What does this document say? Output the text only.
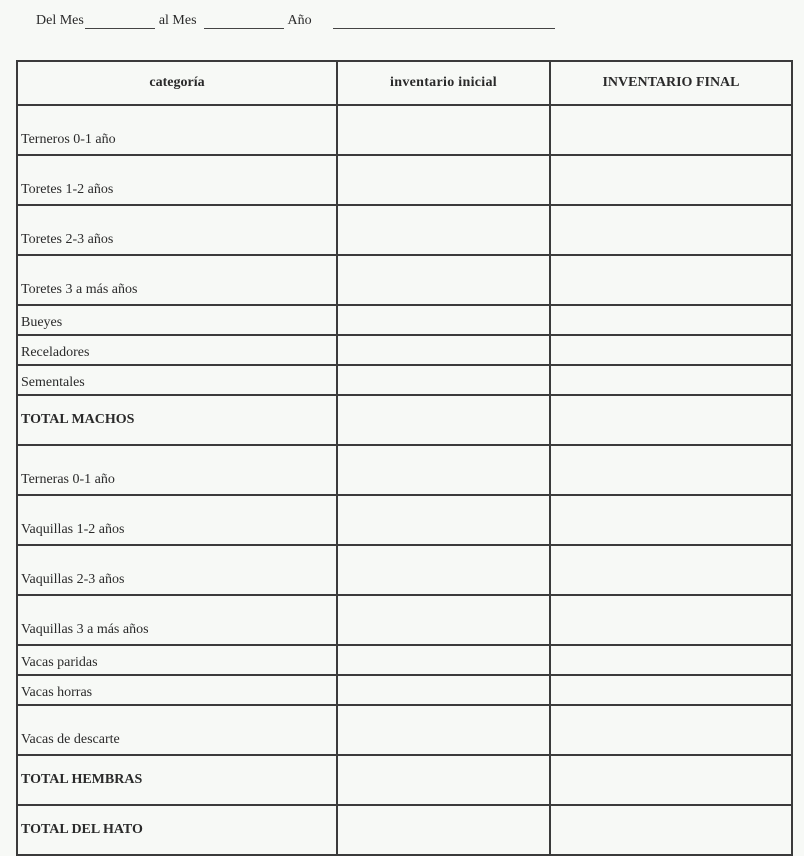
Del Mes	al Mes	Año
categoría	inventario inicial	INVENTARIO FINAL
Terneros 0-1 año		
Toretes 1-2 años		
Toretes 2-3 años		
Toretes 3 a más años		
Bueyes		
Receladores		
Sementales		
TOTAL MACHOS		
Terneras 0-1 año		
Vaquillas 1-2 años		
Vaquillas 2-3 años		
Vaquillas 3 a más años		
Vacas paridas		
Vacas horras		
Vacas de descarte		
TOTAL HEMBRAS		
TOTAL DEL HATO		
